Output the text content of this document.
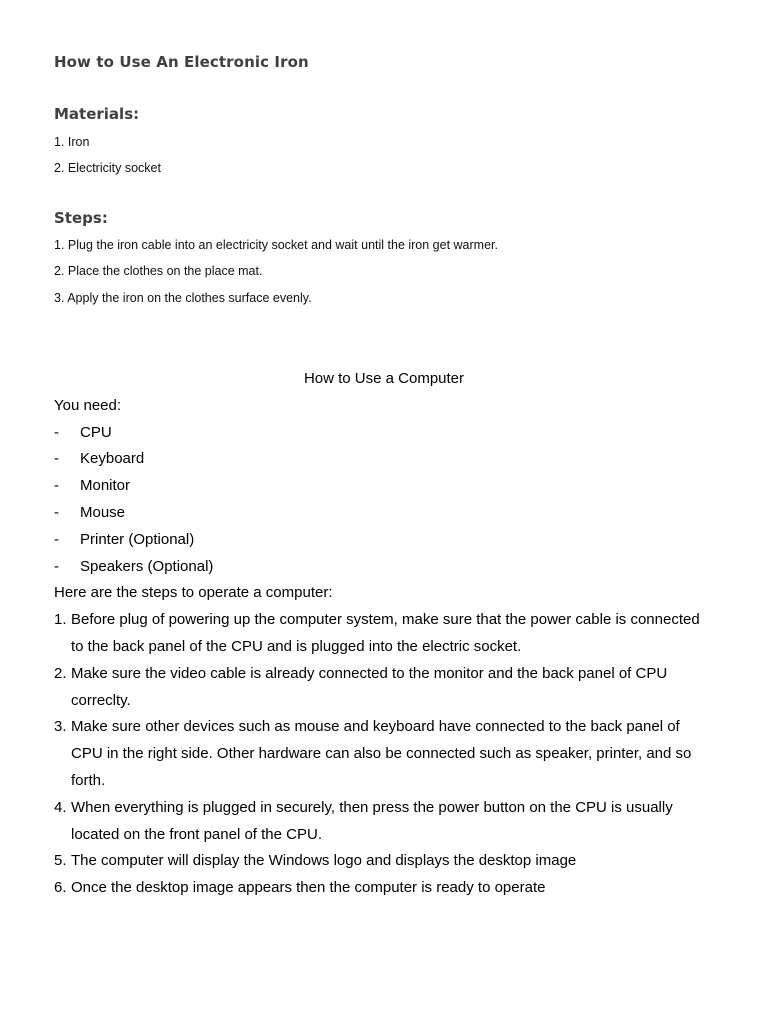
How to Use An Electronic Iron
Materials:
1. Iron
2. Electricity socket
Steps:
1. Plug the iron cable into an electricity socket and wait until the iron get warmer.
2. Place the clothes on the place mat.
3. Apply the iron on the clothes surface evenly.

How to Use a Computer

You need:

- CPU
- Keyboard
- Monitor
- Mouse
- Printer (Optional)
- Speakers (Optional)

Here are the steps to operate a computer:

1. Before plug of powering up the computer system, make sure that the power cable is connected to the back panel of the CPU and is plugged into the electric socket.
2. Make sure the video cable is already connected to the monitor and the back panel of CPU correclty.
3. Make sure other devices such as mouse and keyboard have connected to the back panel of CPU in the right side. Other hardware can also be connected such as speaker, printer, and so forth.
4. When everything is plugged in securely, then press the power button on the CPU is usually located on the front panel of the CPU.
5. The computer will display the Windows logo and displays the desktop image
6. Once the desktop image appears then the computer is ready to operate
